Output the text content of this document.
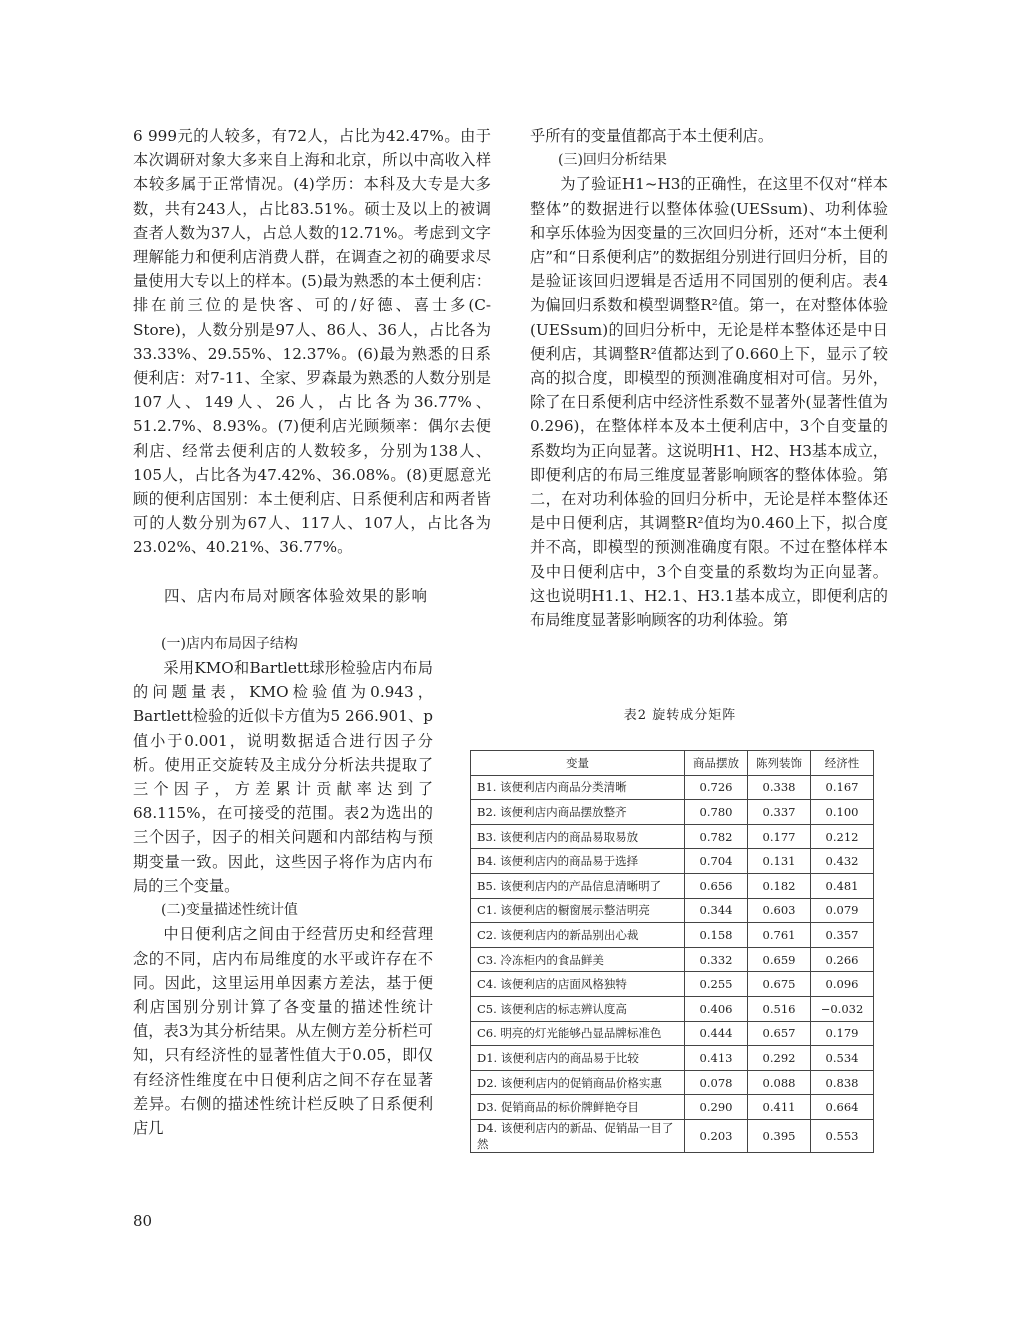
6 999元的人较多，有72人，占比为42.47%。由于本次调研对象大多来自上海和北京，所以中高收入样本较多属于正常情况。(4)学历：本科及大专是大多数，共有243人，占比83.51%。硕士及以上的被调查者人数为37人，占总人数的12.71%。考虑到文字理解能力和便利店消费人群，在调查之初的确要求尽量使用大专以上的样本。(5)最为熟悉的本土便利店：排在前三位的是快客、可的/好德、喜士多(C-Store)，人数分别是97人、86人、36人，占比各为33.33%、29.55%、12.37%。(6)最为熟悉的日系便利店：对7-11、全家、罗森最为熟悉的人数分别是107人、149人、26人，占比各为36.77%、51.2.7%、8.93%。(7)便利店光顾频率：偶尔去便利店、经常去便利店的人数较多，分别为138人、105人，占比各为47.42%、36.08%。(8)更愿意光顾的便利店国别：本土便利店、日系便利店和两者皆可的人数分别为67人、117人、107人，占比各为23.02%、40.21%、36.77%。

四、店内布局对顾客体验效果的影响

(一)店内布局因子结构

采用KMO和Bartlett球形检验店内布局的问题量表，KMO检验值为0.943，Bartlett检验的近似卡方值为5 266.901、p值小于0.001，说明数据适合进行因子分析。使用正交旋转及主成分分析法共提取了三个因子，方差累计贡献率达到了68.115%，在可接受的范围。表2为选出的三个因子，因子的相关问题和内部结构与预期变量一致。因此，这些因子将作为店内布局的三个变量。

(二)变量描述性统计值

中日便利店之间由于经营历史和经营理念的不同，店内布局维度的水平或许存在不同。因此，这里运用单因素方差法，基于便利店国别分别计算了各变量的描述性统计值，表3为其分析结果。从左侧方差分析栏可知，只有经济性的显著性值大于0.05，即仅有经济性维度在中日便利店之间不存在显著差异。右侧的描述性统计栏反映了日系便利店几

乎所有的变量值都高于本土便利店。

(三)回归分析结果

为了验证H1~H3的正确性，在这里不仅对“样本整体”的数据进行以整体体验(UESsum)、功利体验和享乐体验为因变量的三次回归分析，还对“本土便利店”和“日系便利店”的数据组分别进行回归分析，目的是验证该回归逻辑是否适用不同国别的便利店。表4为偏回归系数和模型调整R²值。第一，在对整体体验(UESsum)的回归分析中，无论是样本整体还是中日便利店，其调整R²值都达到了0.660上下，显示了较高的拟合度，即模型的预测准确度相对可信。另外，除了在日系便利店中经济性系数不显著外(显著性值为0.296)，在整体样本及本土便利店中，3个自变量的系数均为正向显著。这说明H1、H2、H3基本成立，即便利店的布局三维度显著影响顾客的整体体验。第二，在对功利体验的回归分析中，无论是样本整体还是中日便利店，其调整R²值均为0.460上下，拟合度并不高，即模型的预测准确度有限。不过在整体样本及中日便利店中，3个自变量的系数均为正向显著。这也说明H1.1、H2.1、H3.1基本成立，即便利店的布局维度显著影响顾客的功利体验。第

表2 旋转成分矩阵
变量	商品摆放	陈列装饰	经济性
B1. 该便利店内商品分类清晰	0.726	0.338	0.167
B2. 该便利店内商品摆放整齐	0.780	0.337	0.100
B3. 该便利店内的商品易取易放	0.782	0.177	0.212
B4. 该便利店内的商品易于选择	0.704	0.131	0.432
B5. 该便利店内的产品信息清晰明了	0.656	0.182	0.481
C1. 该便利店的橱窗展示整洁明亮	0.344	0.603	0.079
C2. 该便利店内的新品别出心裁	0.158	0.761	0.357
C3. 冷冻柜内的食品鲜美	0.332	0.659	0.266
C4. 该便利店的店面风格独特	0.255	0.675	0.096
C5. 该便利店的标志辨认度高	0.406	0.516	−0.032
C6. 明亮的灯光能够凸显品牌标准色	0.444	0.657	0.179
D1. 该便利店内的商品易于比较	0.413	0.292	0.534
D2. 该便利店内的促销商品价格实惠	0.078	0.088	0.838
D3. 促销商品的标价牌鲜艳夺目	0.290	0.411	0.664
D4. 该便利店内的新品、促销品一目了然	0.203	0.395	0.553
80
